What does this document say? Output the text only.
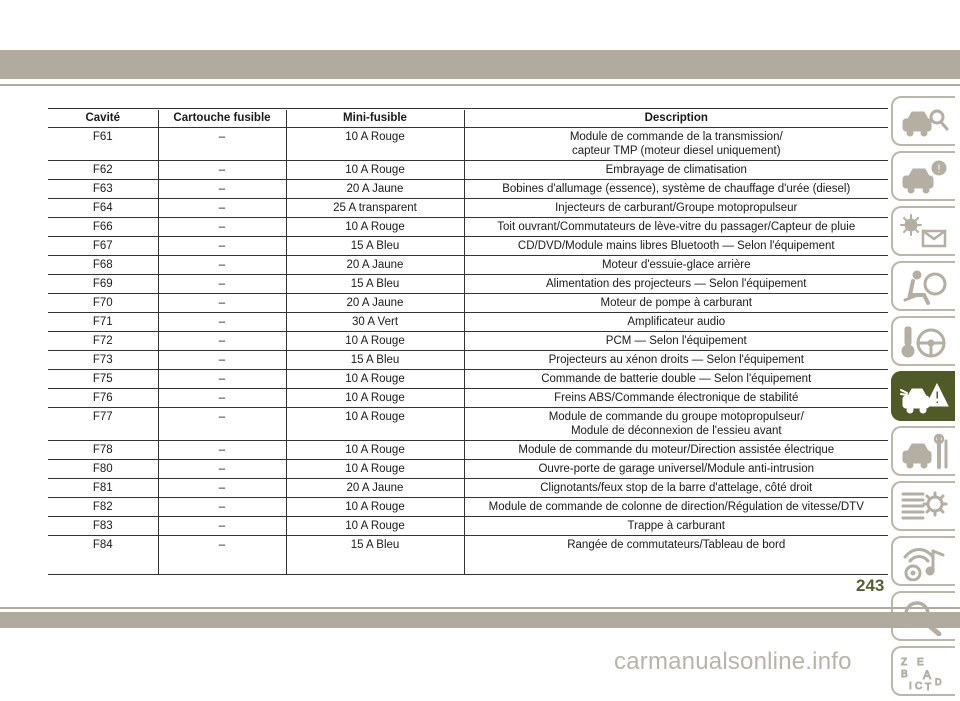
Cavité	Cartouche fusible	Mini-fusible	Description
F61	–	10 A Rouge	Module de commande de la transmission/
capteur TMP (moteur diesel uniquement)
F62	–	10 A Rouge	Embrayage de climatisation
F63	–	20 A Jaune	Bobines d'allumage (essence), système de chauffage d'urée (diesel)
F64	–	25 A transparent	Injecteurs de carburant/Groupe motopropulseur
F66	–	10 A Rouge	Toit ouvrant/Commutateurs de lève-vitre du passager/Capteur de pluie
F67	–	15 A Bleu	CD/DVD/Module mains libres Bluetooth — Selon l'équipement
F68	–	20 A Jaune	Moteur d'essuie-glace arrière
F69	–	15 A Bleu	Alimentation des projecteurs — Selon l'équipement
F70	–	20 A Jaune	Moteur de pompe à carburant
F71	–	30 A Vert	Amplificateur audio
F72	–	10 A Rouge	PCM — Selon l'équipement
F73	–	15 A Bleu	Projecteurs au xénon droits — Selon l'équipement
F75	–	10 A Rouge	Commande de batterie double — Selon l'équipement
F76	–	10 A Rouge	Freins ABS/Commande électronique de stabilité
F77	–	10 A Rouge	Module de commande du groupe motopropulseur/
Module de déconnexion de l'essieu avant
F78	–	10 A Rouge	Module de commande du moteur/Direction assistée électrique
F80	–	10 A Rouge	Ouvre-porte de garage universel/Module anti-intrusion
F81	–	20 A Jaune	Clignotants/feux stop de la barre d'attelage, côté droit
F82	–	10 A Rouge	Module de commande de colonne de direction/Régulation de vitesse/DTV
F83	–	10 A Rouge	Trappe à carburant
F84	–	15 A Bleu	Rangée de commutateurs/Tableau de bord
Z
B
I
E
A
C T D
243
carmanualsonline.info
